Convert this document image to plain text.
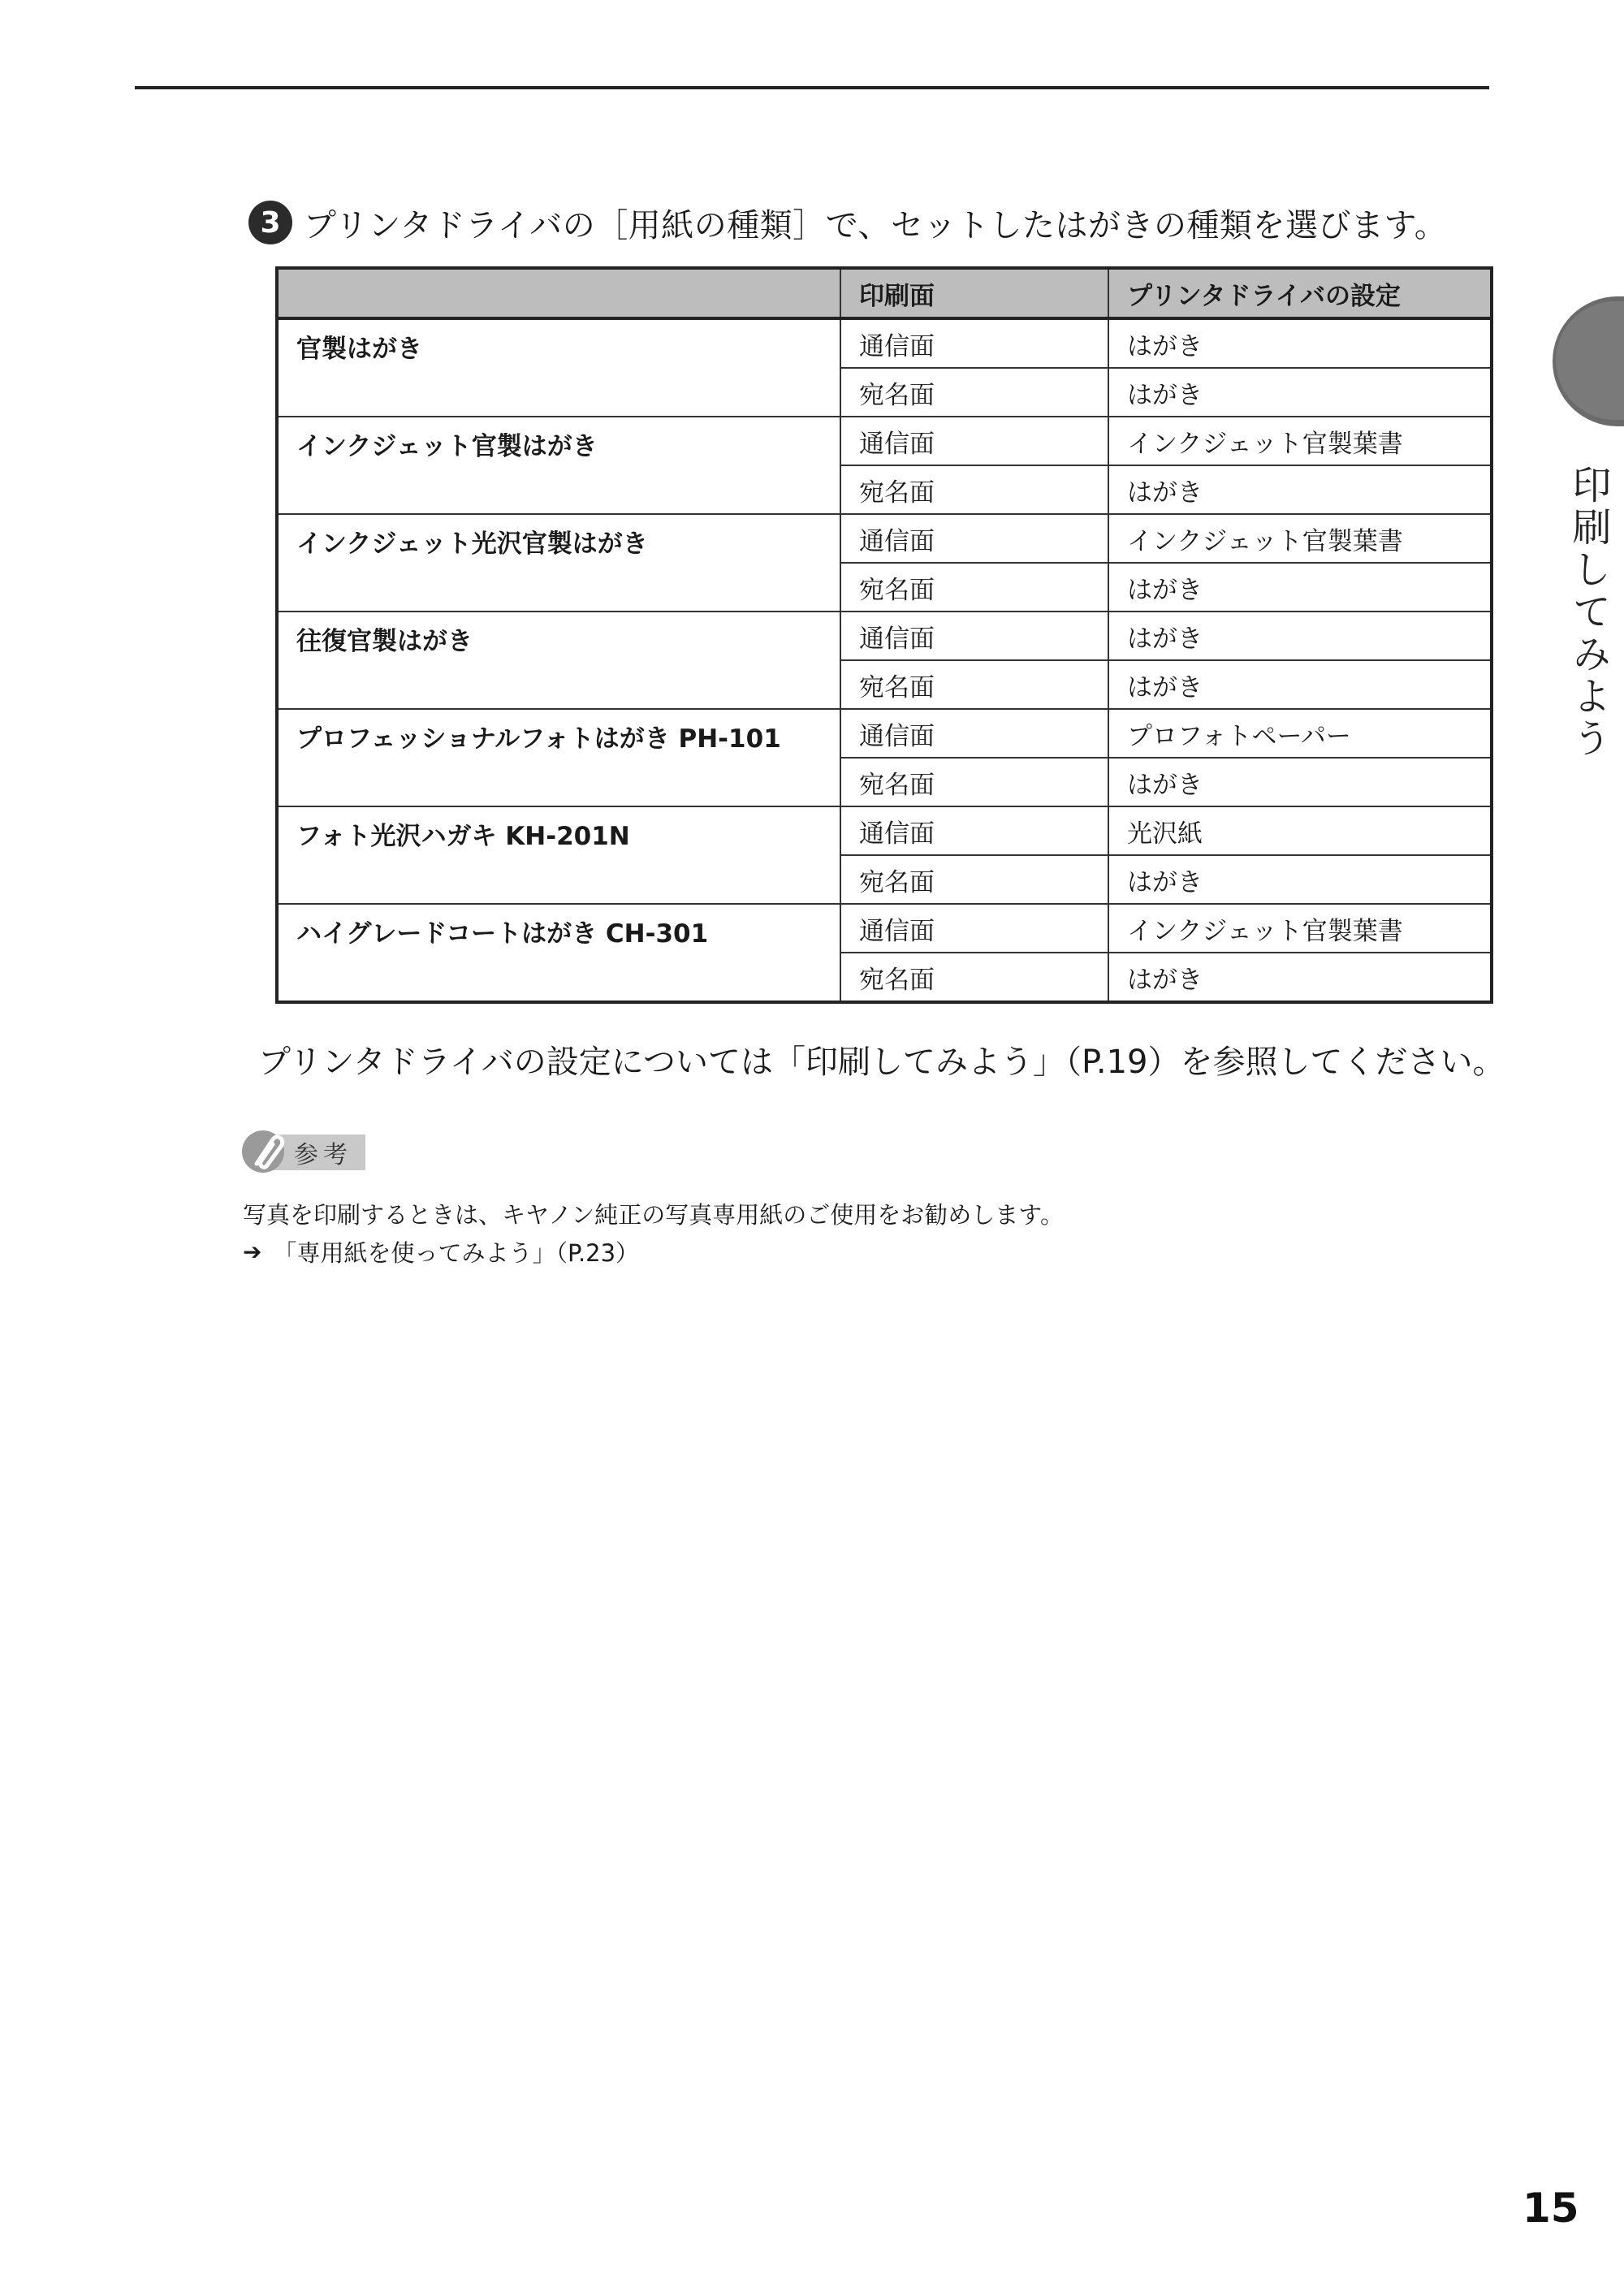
3 プリンタドライバの［用紙の種類］で、セットしたはがきの種類を選びます。
	印刷面	プリンタドライバの設定
官製はがき	通信面	はがき
	宛名面	はがき
インクジェット官製はがき	通信面	インクジェット官製葉書
	宛名面	はがき
インクジェット光沢官製はがき	通信面	インクジェット官製葉書
	宛名面	はがき
往復官製はがき	通信面	はがき
	宛名面	はがき
プロフェッショナルフォトはがき PH-101	通信面	プロフォトペーパー
	宛名面	はがき
フォト光沢ハガキ KH-201N	通信面	光沢紙
	宛名面	はがき
ハイグレードコートはがき CH-301	通信面	インクジェット官製葉書
	宛名面	はがき
プリンタドライバの設定については「印刷してみよう」（P.19）を参照してください。
参考
写真を印刷するときは、キヤノン純正の写真専用紙のご使用をお勧めします。
➔ 「専用紙を使ってみよう」（P.23）
印刷してみよう
15
